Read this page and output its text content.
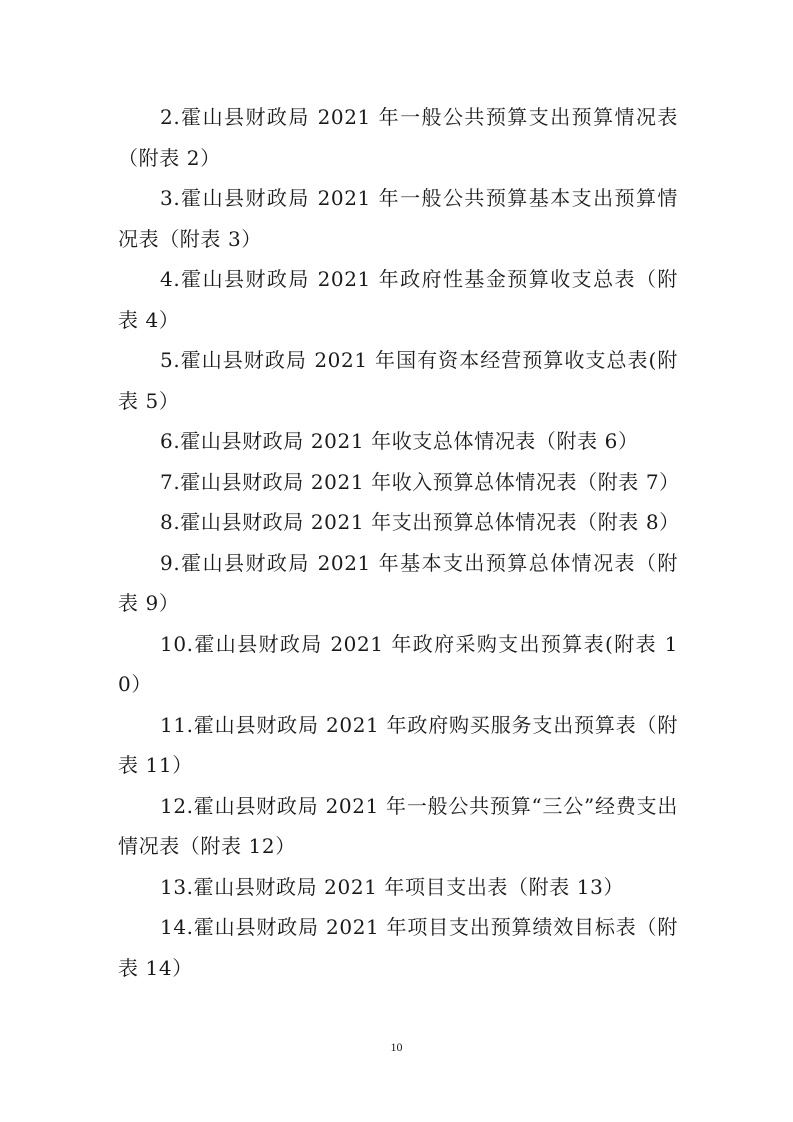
2.霍山县财政局 2021 年一般公共预算支出预算情况表（附表 2）

3.霍山县财政局 2021 年一般公共预算基本支出预算情况表（附表 3）

4.霍山县财政局 2021 年政府性基金预算收支总表（附表 4）

5.霍山县财政局 2021 年国有资本经营预算收支总表(附表 5）

6.霍山县财政局 2021 年收支总体情况表（附表 6）

7.霍山县财政局 2021 年收入预算总体情况表（附表 7）

8.霍山县财政局 2021 年支出预算总体情况表（附表 8）

9.霍山县财政局 2021 年基本支出预算总体情况表（附表 9）

10.霍山县财政局 2021 年政府采购支出预算表(附表 10）

11.霍山县财政局 2021 年政府购买服务支出预算表（附表 11）

12.霍山县财政局 2021 年一般公共预算“三公”经费支出情况表（附表 12）

13.霍山县财政局 2021 年项目支出表（附表 13）

14.霍山县财政局 2021 年项目支出预算绩效目标表（附表 14）

10
